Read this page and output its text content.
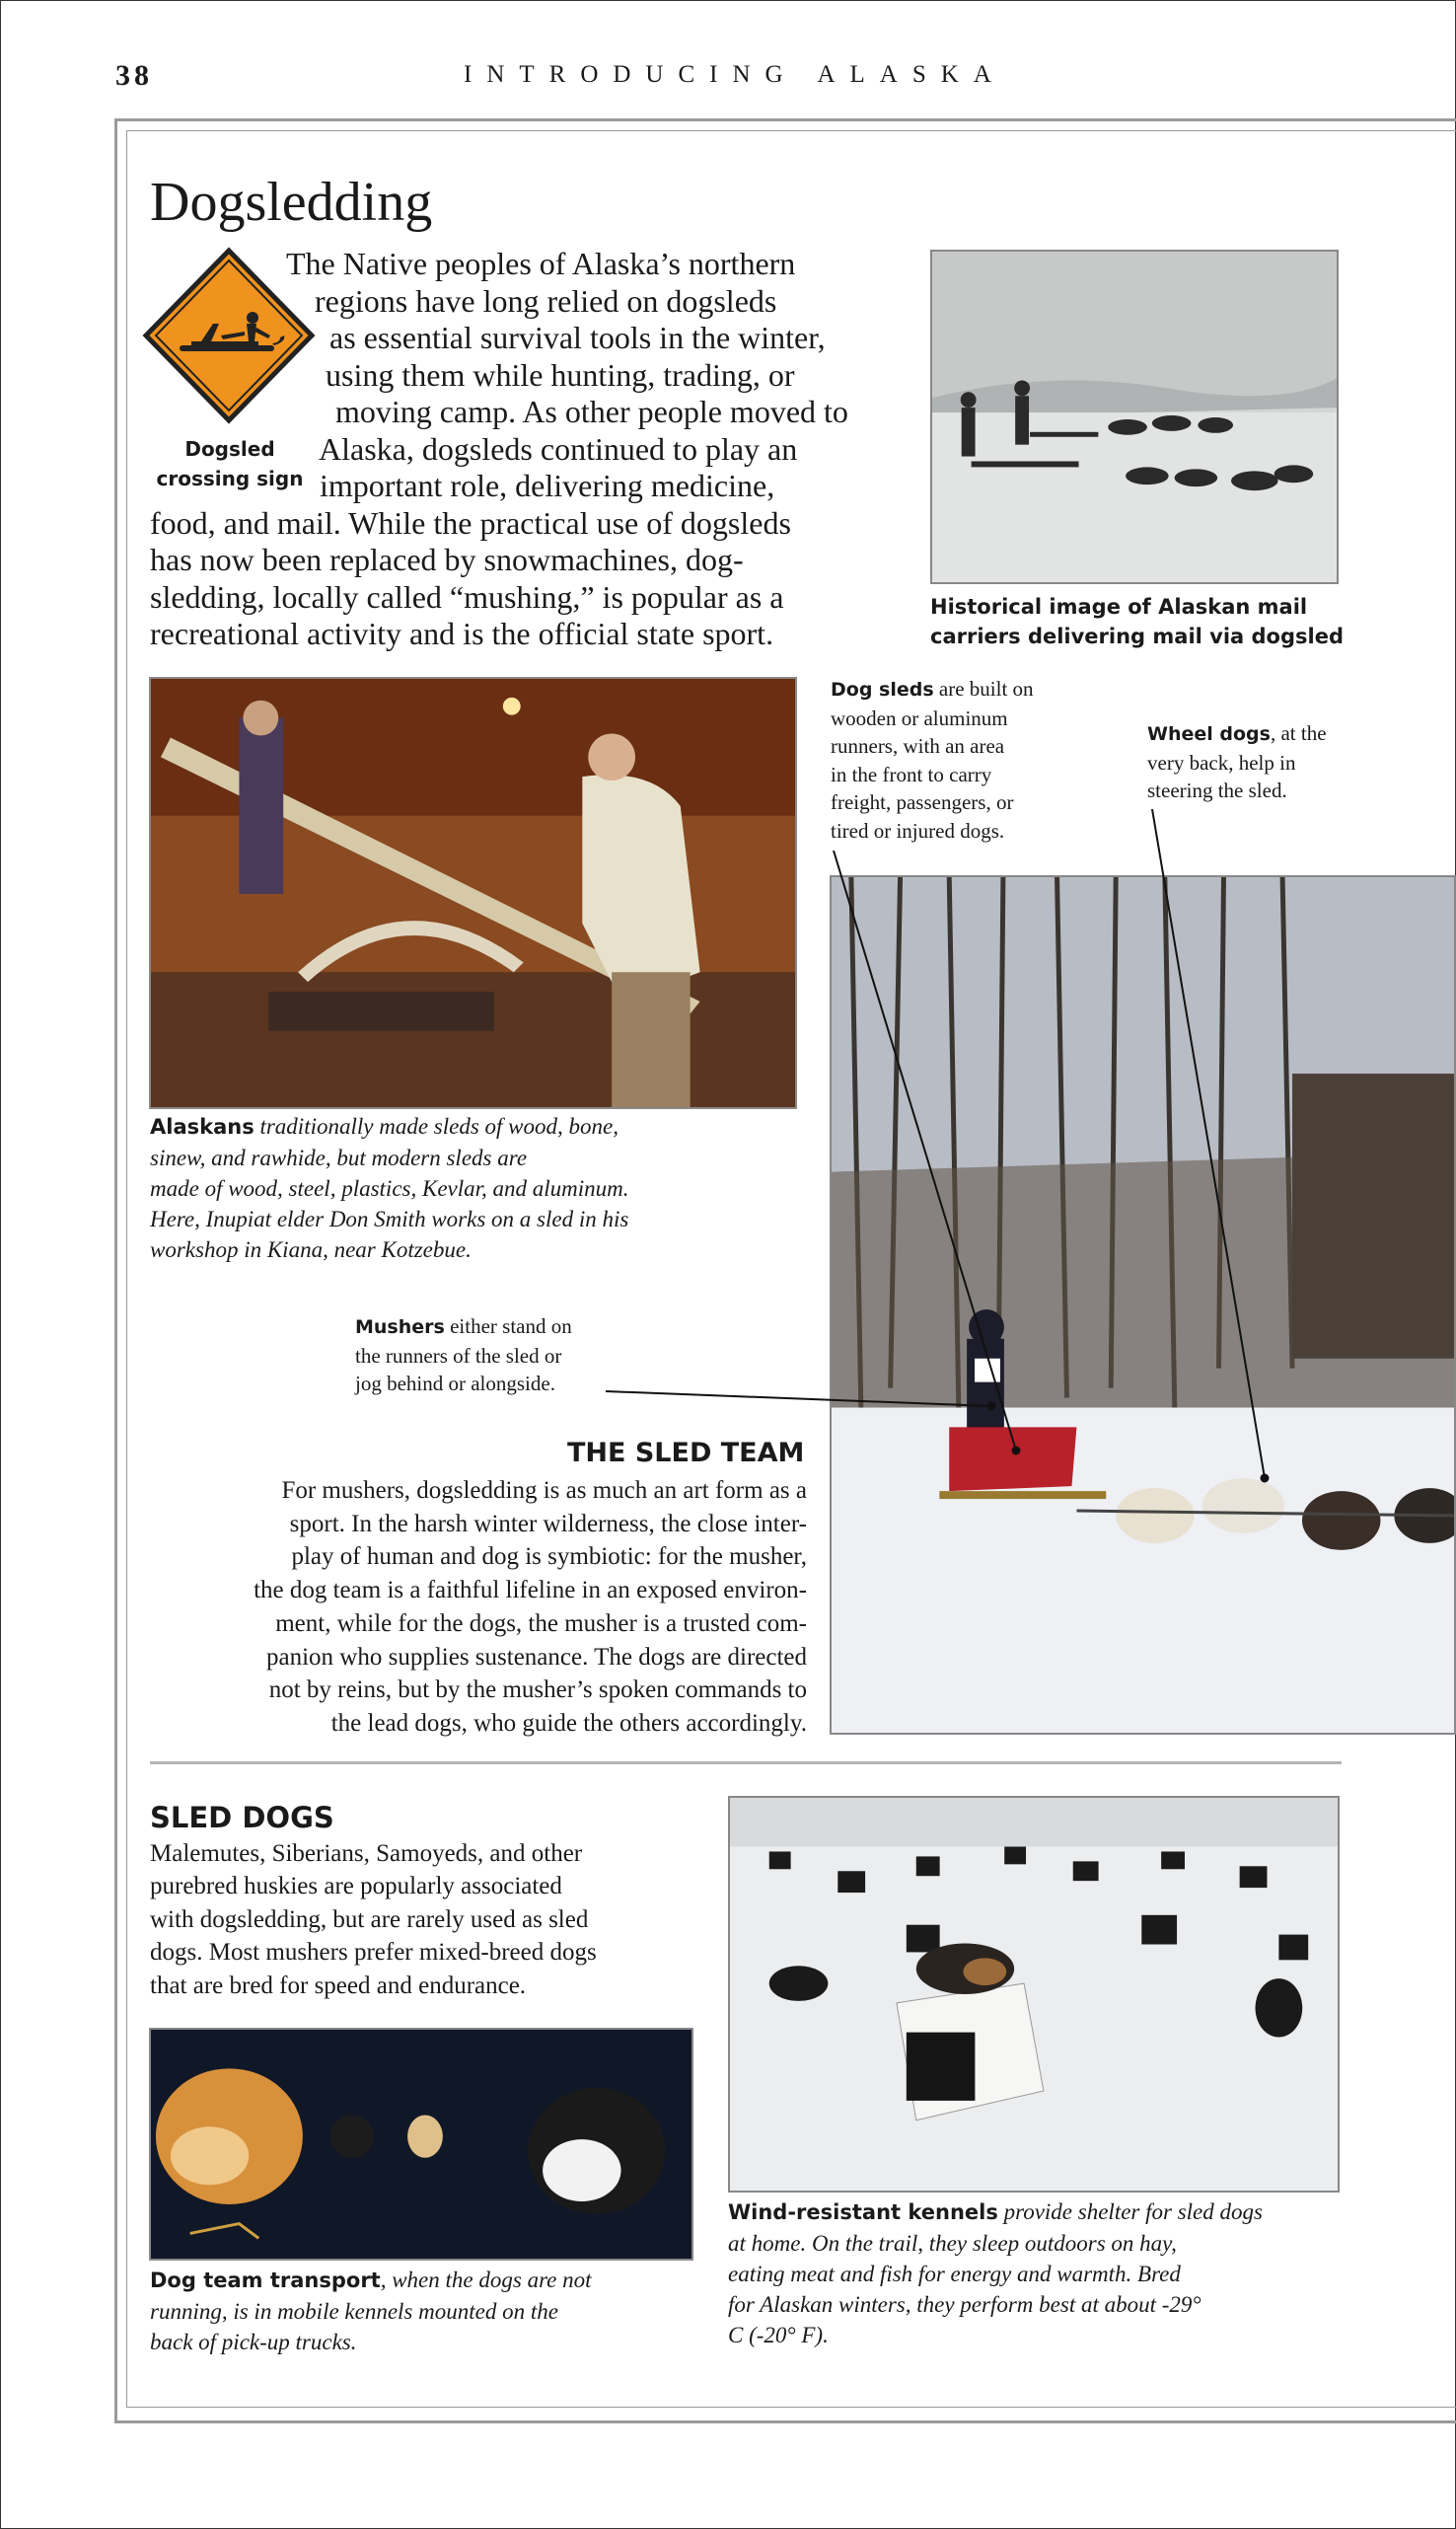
38	INTRODUCING ALASKA
Dogsledding
Dogsled
crossing sign
The Native peoples of Alaska’s northern
regions have long relied on dogsleds
as essential survival tools in the winter,
using them while hunting, trading, or
moving camp. As other people moved to
Alaska, dogsleds continued to play an
important role, delivering medicine,
food, and mail. While the practical use of dogsleds
has now been replaced by snowmachines, dog-
sledding, locally called “mushing,” is popular as a
recreational activity and is the official state sport.
Historical image of Alaskan mail
carriers delivering mail via dogsled
Alaskans traditionally made sleds of wood, bone,
sinew, and rawhide, but modern sleds are
made of wood, steel, plastics, Kevlar, and aluminum.
Here, Inupiat elder Don Smith works on a sled in his
workshop in Kiana, near Kotzebue.
Dog sleds are built on
wooden or aluminum
runners, with an area
in the front to carry
freight, passengers, or
tired or injured dogs.
Wheel dogs, at the
very back, help in
steering the sled.
Mushers either stand on
the runners of the sled or
jog behind or alongside.
THE SLED TEAM
For mushers, dogsledding is as much an art form as a
sport. In the harsh winter wilderness, the close inter-
play of human and dog is symbiotic: for the musher,
the dog team is a faithful lifeline in an exposed environ-
ment, while for the dogs, the musher is a trusted com-
panion who supplies sustenance. The dogs are directed
not by reins, but by the musher’s spoken commands to
the lead dogs, who guide the others accordingly.
SLED DOGS
Malemutes, Siberians, Samoyeds, and other
purebred huskies are popularly associated
with dogsledding, but are rarely used as sled
dogs. Most mushers prefer mixed-breed dogs
that are bred for speed and endurance.
Dog team transport, when the dogs are not
running, is in mobile kennels mounted on the
back of pick-up trucks.
Wind-resistant kennels provide shelter for sled dogs
at home. On the trail, they sleep outdoors on hay,
eating meat and fish for energy and warmth. Bred
for Alaskan winters, they perform best at about -29°
C (-20° F).
